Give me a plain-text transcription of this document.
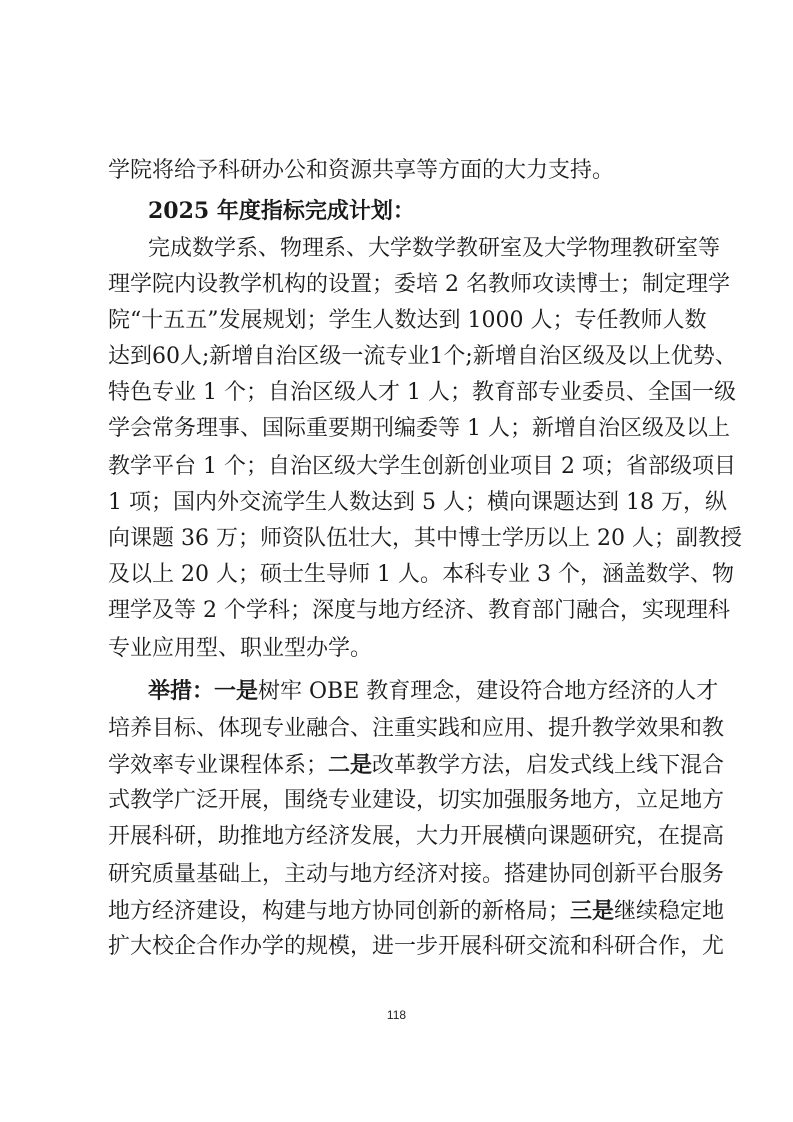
学院将给予科研办公和资源共享等方面的大力支持。
2025 年度指标完成计划：
完成数学系、物理系、大学数学教研室及大学物理教研室等
理学院内设教学机构的设置；委培 2 名教师攻读博士；制定理学
院“十五五”发展规划；学生人数达到 1000 人；专任教师人数
达到60人;新增自治区级一流专业1个;新增自治区级及以上优势、
特色专业 1 个；自治区级人才 1 人；教育部专业委员、全国一级
学会常务理事、国际重要期刊编委等 1 人；新增自治区级及以上
教学平台 1 个；自治区级大学生创新创业项目 2 项；省部级项目
1 项；国内外交流学生人数达到 5 人；横向课题达到 18 万，纵
向课题 36 万；师资队伍壮大，其中博士学历以上 20 人；副教授
及以上 20 人；硕士生导师 1 人。本科专业 3 个，涵盖数学、物
理学及等 2 个学科；深度与地方经济、教育部门融合，实现理科
专业应用型、职业型办学。
举措：一是树牢 OBE 教育理念，建设符合地方经济的人才
培养目标、体现专业融合、注重实践和应用、提升教学效果和教
学效率专业课程体系；二是改革教学方法，启发式线上线下混合
式教学广泛开展，围绕专业建设，切实加强服务地方，立足地方
开展科研，助推地方经济发展，大力开展横向课题研究，在提高
研究质量基础上，主动与地方经济对接。搭建协同创新平台服务
地方经济建设，构建与地方协同创新的新格局；三是继续稳定地
扩大校企合作办学的规模，进一步开展科研交流和科研合作，尤
118
